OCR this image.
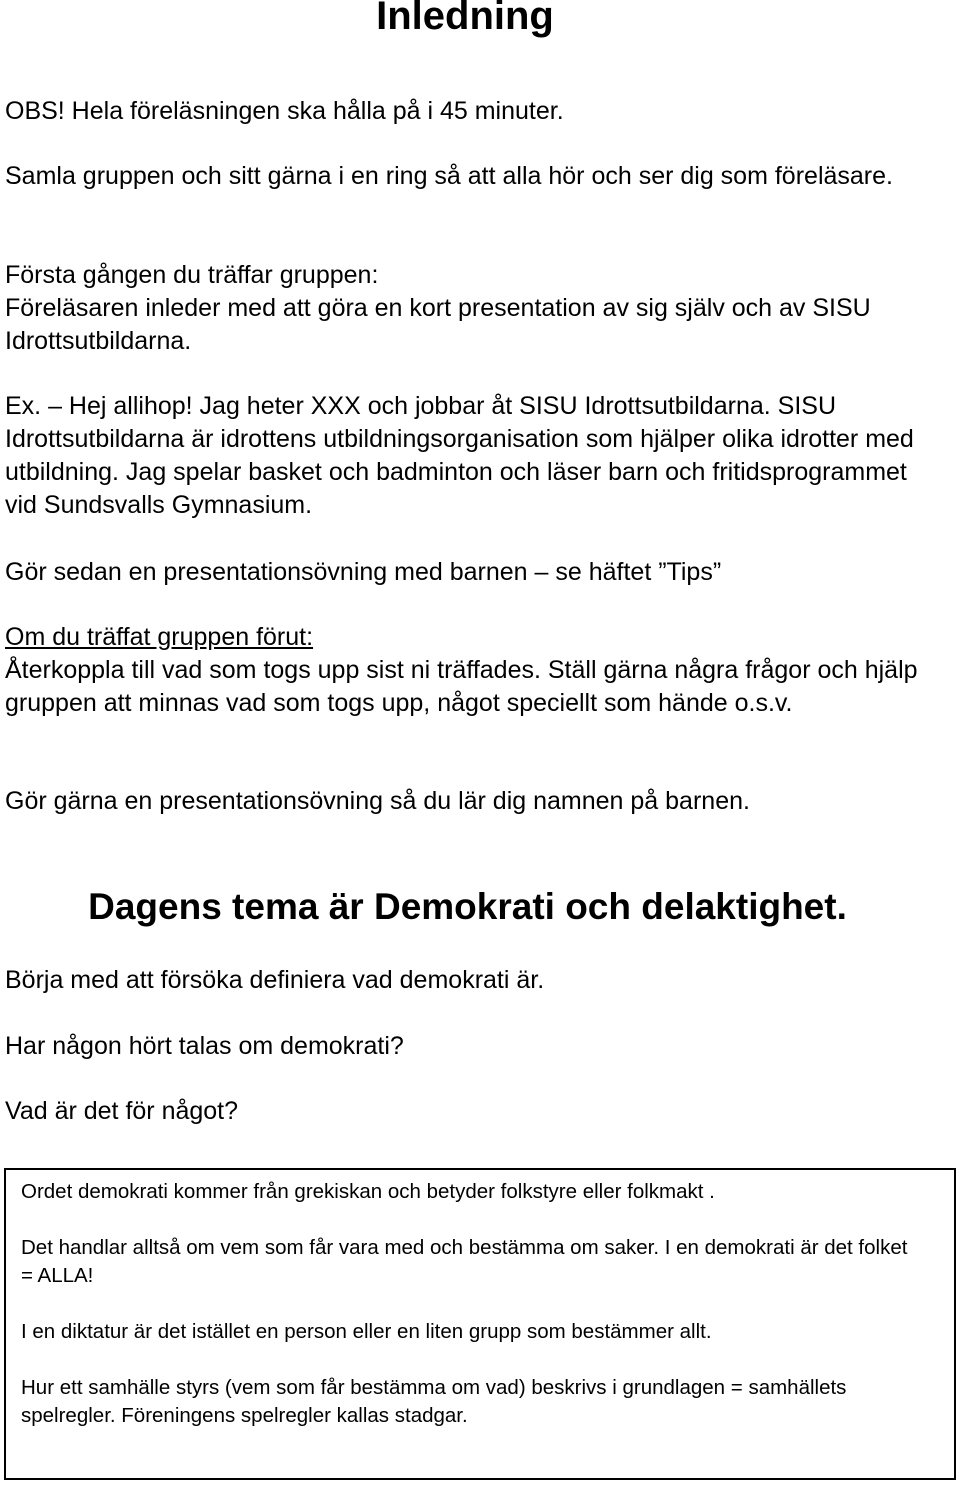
Inledning

OBS! Hela föreläsningen ska hålla på i 45 minuter.

Samla gruppen och sitt gärna i en ring så att alla hör och ser dig som föreläsare.

Första gången du träffar gruppen:

Föreläsaren inleder med att göra en kort presentation av sig själv och av SISU Idrottsutbildarna.

Ex. – Hej allihop! Jag heter XXX och jobbar åt SISU Idrottsutbildarna. SISU Idrottsutbildarna är idrottens utbildningsorganisation som hjälper olika idrotter med utbildning. Jag spelar basket och badminton och läser barn och fritidsprogrammet vid Sundsvalls Gymnasium.

Gör sedan en presentationsövning med barnen – se häftet ”Tips”

Om du träffat gruppen förut:

Återkoppla till vad som togs upp sist ni träffades. Ställ gärna några frågor och hjälp gruppen att minnas vad som togs upp, något speciellt som hände o.s.v.

Gör gärna en presentationsövning så du lär dig namnen på barnen.

Dagens tema är Demokrati och delaktighet.

Börja med att försöka definiera vad demokrati är.

Har någon hört talas om demokrati?

Vad är det för något?

Ordet demokrati kommer från grekiskan och betyder folkstyre eller folkmakt .

Det handlar alltså om vem som får vara med och bestämma om saker. I en demokrati är det folket = ALLA!

I en diktatur är det istället en person eller en liten grupp som bestämmer allt.

Hur ett samhälle styrs (vem som får bestämma om vad) beskrivs i grundlagen = samhällets spelregler. Föreningens spelregler kallas stadgar.
